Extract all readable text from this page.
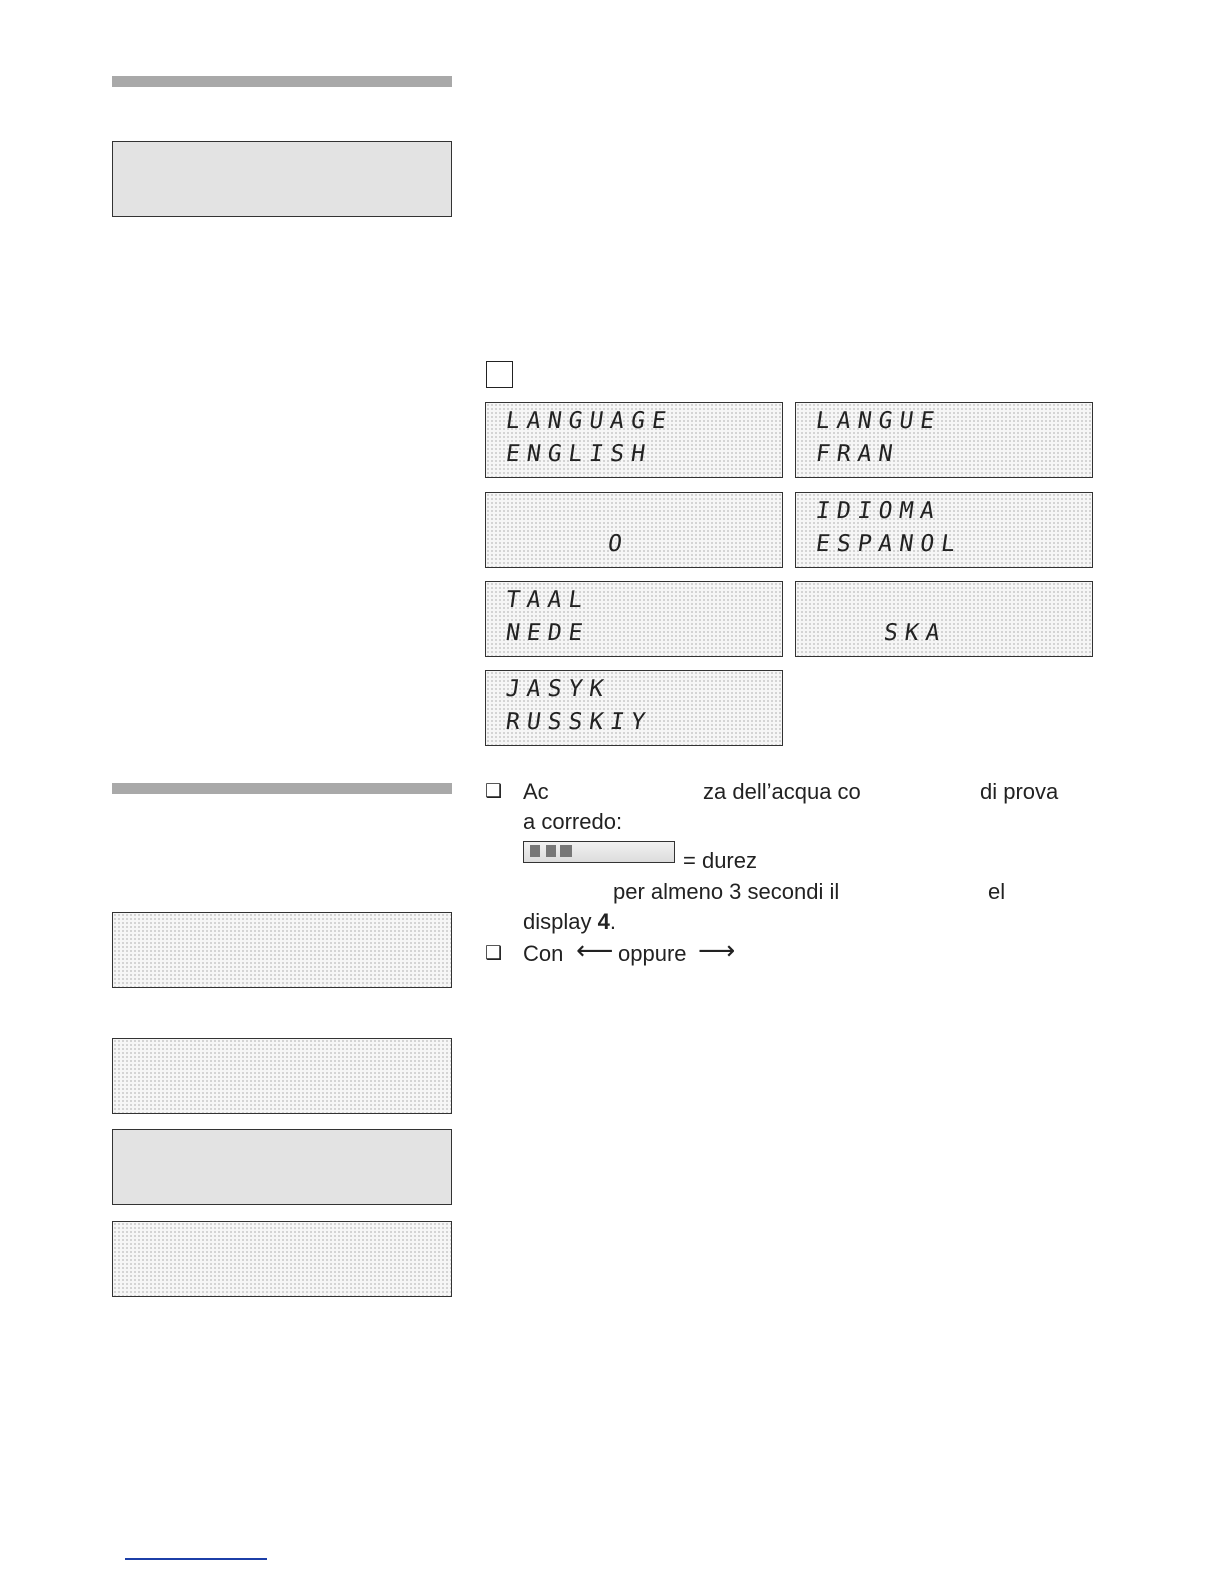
LANGUAGE
ENGLISH
LANGUE
FRAN
O
IDIOMA
ESPANOL
TAAL
NEDE	SKA
JASYK
RUSSKIY
❑ Ac	za dell’acqua co	di prova
a corredo:
= durez
per almeno 3 secondi il	el
display 4.
❑ Con ⟵ oppure ⟶
